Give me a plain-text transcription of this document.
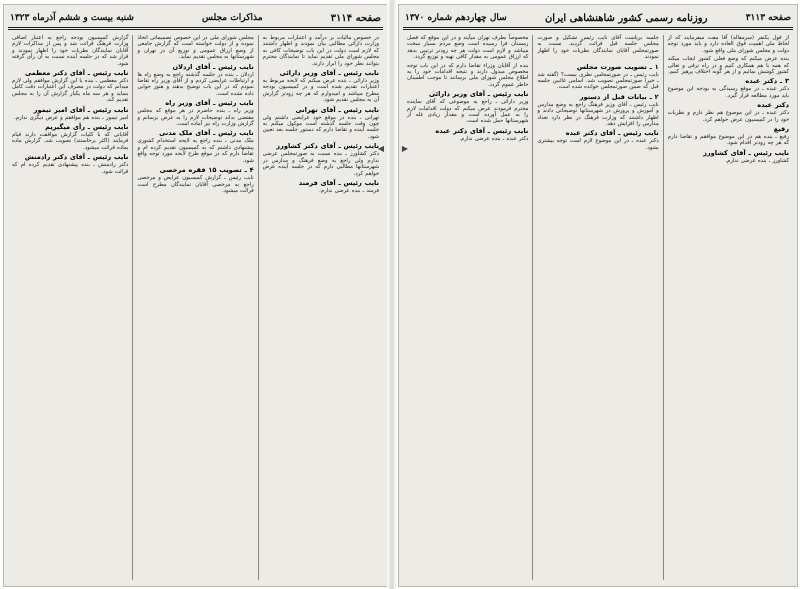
صفحه ۳۱۱۴
مذاکرات مجلس
شنبه بیست و ششم آذرماه ۱۳۲۳

در خصوص مالیات بر درآمد و اعتبارات مربوط به وزارت دارائی مطالبی بیان نمودند و اظهار داشتند که لازم است دولت در این باب توضیحات کافی به مجلس شورای ملی تقدیم نماید تا نمایندگان محترم بتوانند نظر خود را ابراز دارند.

نایب رئیس ـ آقای وزیر دارائی

وزیر دارائی ـ بنده عرض میکنم که لایحه مربوط به اعتبارات تقدیم شده است و در کمیسیون بودجه مطرح میباشد و امیدوارم که هر چه زودتر گزارش آن به مجلس تقدیم شود.

نایب رئیس ـ آقای تهرانی

تهرانی ـ بنده در موقع خود عرایضی داشتم ولی چون وقت جلسه گذشته است موکول میکنم به جلسه آینده و تقاضا دارم که دستور جلسه بعد تعیین شود.

نایب رئیس ـ آقای دکتر کشاورز

دکتر کشاورز ـ بنده نسبت به صورتمجلس عرضی ندارم ولی راجع به وضع فرهنگ و مدارس در شهرستانها مطالبی دارم که در جلسه آینده عرض خواهم کرد.

نایب رئیس ـ آقای فرمند

فرمند ـ بنده عرضی ندارم.

مجلس شورای ملی در این خصوص تصمیماتی اتخاذ نموده و از دولت خواسته است که گزارش جامعی از وضع ارزاق عمومی و توزیع آن در تهران و شهرستانها به مجلس تقدیم نماید.

نایب رئیس ـ آقای اردلان

اردلان ـ بنده در جلسه گذشته راجع به وضع راه ها و ارتباطات عرایضی کردم و از آقای وزیر راه تقاضا نمودم که در این باب توضیح بدهند و هنوز جوابی داده نشده است.

نایب رئیس ـ آقای وزیر راه

وزیر راه ـ بنده حاضرم در هر موقع که مجلس مقتضی بداند توضیحات لازم را به عرض برسانم و گزارش وزارت راه نیز آماده است.

نایب رئیس ـ آقای ملک مدنی

ملک مدنی ـ بنده راجع به لایحه استخدام کشوری پیشنهادی داشتم که به کمیسیون تقدیم کرده ام و تقاضا دارم که در موقع طرح لایحه مورد توجه واقع شود.

۴ ـ تصویب ۱۵ فقره مرخصی

نایب رئیس ـ گزارش کمیسیون عرایض و مرخصی راجع به مرخصی آقایان نمایندگان مطرح است قرائت میشود.

گزارش کمیسیون بودجه راجع به اعتبار اضافی وزارت فرهنگ قرائت شد و پس از مذاکرات لازم آقایان نمایندگان نظریات خود را اظهار نمودند و قرار شد که در جلسه آینده نسبت به آن رأی گرفته شود.

نایب رئیس ـ آقای دکتر معظمی

دکتر معظمی ـ بنده با این گزارش موافقم ولی لازم میدانم که دولت در مصرف این اعتبارات دقت کامل بنماید و هر سه ماه یکبار گزارش آن را به مجلس تقدیم کند.

نایب رئیس ـ آقای امیر تیمور

امیر تیمور ـ بنده هم موافقم و عرض دیگری ندارم.

نایب رئیس ـ رأی میگیریم

آقایانی که با کلیات گزارش موافقت دارند قیام فرمایند (اکثر برخاستند) تصویب شد. گزارش ماده بماده قرائت میشود.

نایب رئیس ـ آقای دکتر رادمنش

دکتر رادمنش ـ بنده پیشنهادی تقدیم کرده ام که قرائت شود.

◀
صفحه ۳۱۱۳
روزنامه رسمی کشور شاهنشاهی ایران
سال چهاردهم شماره ۱۳۷۰

از قول یکنفر (سرمقاله) آقا مفت میفرمایند که از لحاظ ملی اهمیت فوق العاده دارد و باید مورد توجه دولت و مجلس شورای ملی واقع شود.

بنده عرض میکنم که وضع فعلی کشور ایجاب میکند که همه با هم همکاری کنیم و در راه ترقی و تعالی کشور کوشش نمائیم و از هر گونه اختلاف پرهیز کنیم.

۳ ـ دکتر عبده

دکتر عبده ـ در موقع رسیدگی به بودجه این موضوع باید مورد مطالعه قرار گیرد.

دکتر عبده

دکتر عبده ـ در این موضوع هم نظر دارم و نظریات خود را در کمیسیون عرض خواهم کرد.

رفیع

رفیع ـ بنده هم در این موضوع موافقم و تقاضا دارم که هر چه زودتر اقدام شود.

نایب رئیس ـ آقای کشاورز

کشاورز ـ بنده عرضی ندارم.

جلسه بریاست آقای نایب رئیس تشکیل و صورت مجلس جلسه قبل قرائت گردید. نسبت به صورتمجلس آقایان نمایندگان نظریات خود را اظهار نمودند.

۱ ـ تصویب صورت مجلس

نایب رئیس ـ در صورتمجلس نظری نیست؟ (گفته شد ـ خیر) صورتمجلس تصویب شد. اسامی غائبین جلسه قبل که ضمن صورتمجلس خوانده شده است.

۲ ـ بیانات قبل از دستور

نایب رئیس ـ آقای وزیر فرهنگ راجع به وضع مدارس و آموزش و پرورش در شهرستانها توضیحاتی دادند و اظهار داشتند که وزارت فرهنگ در نظر دارد تعداد مدارس را افزایش دهد.

نایب رئیس ـ آقای دکتر عبده

دکتر عبده ـ در این موضوع لازم است توجه بیشتری بشود.

مخصوصاً بطرف تهران میآیند و در این موقع که فصل زمستان فرا رسیده است وضع مردم بسیار سخت میباشد و لازم است دولت هر چه زودتر ترتیبی بدهد که ارزاق عمومی به مقدار کافی تهیه و توزیع گردد.

بنده از آقایان وزراء تقاضا دارم که در این باب توجه مخصوص مبذول دارند و نتیجه اقدامات خود را به اطلاع مجلس شورای ملی برسانند تا موجب اطمینان خاطر عموم گردد.

نایب رئیس ـ آقای وزیر دارائی

وزیر دارائی ـ راجع به موضوعی که آقای نماینده محترم فرمودند عرض میکنم که دولت اقدامات لازم را به عمل آورده است و مقدار زیادی غله از شهرستانها حمل شده است.

نایب رئیس ـ آقای دکتر عبده

دکتر عبده ـ بنده عرضی ندارم.

▶
